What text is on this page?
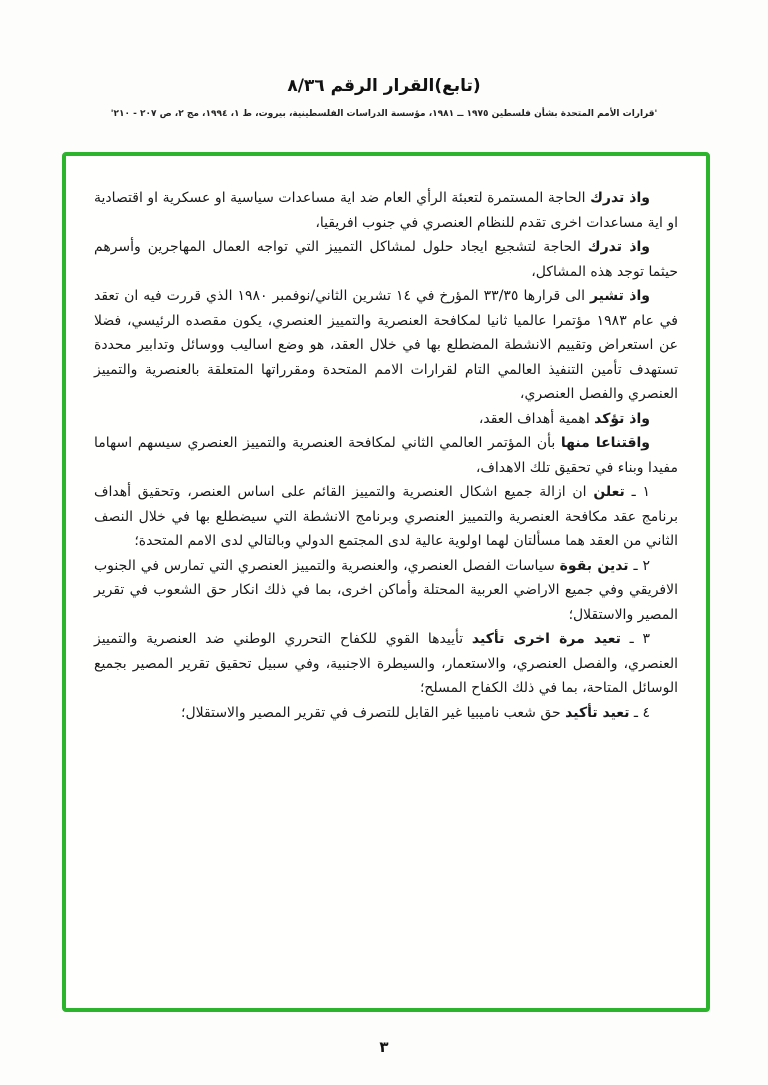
(تابع)القرار الرقم ٨/٣٦
'قرارات الأمم المتحدة بشأن فلسطين ١٩٧٥ ــ ١٩٨١، مؤسسة الدراسات الفلسطينية، بيروت، ط ١، ١٩٩٤، مج ٢، ص ٢٠٧ - ٢١٠'

واذ تدرك الحاجة المستمرة لتعبئة الرأي العام ضد اية مساعدات سياسية او عسكرية او اقتصادية او اية مساعدات اخرى تقدم للنظام العنصري في جنوب افريقيا،

واذ تدرك الحاجة لتشجيع ايجاد حلول لمشاكل التمييز التي تواجه العمال المهاجرين وأسرهم حيثما توجد هذه المشاكل،

واذ تشير الى قرارها ٣٣/٣٥ المؤرخ في ١٤ تشرين الثاني/نوفمبر ١٩٨٠ الذي قررت فيه ان تعقد في عام ١٩٨٣ مؤتمرا عالميا ثانيا لمكافحة العنصرية والتمييز العنصري، يكون مقصده الرئيسي، فضلا عن استعراض وتقييم الانشطة المضطلع بها في خلال العقد، هو وضع اساليب ووسائل وتدابير محددة تستهدف تأمين التنفيذ العالمي التام لقرارات الامم المتحدة ومقرراتها المتعلقة بالعنصرية والتمييز العنصري والفصل العنصري،

واذ تؤكد اهمية أهداف العقد،

واقتناعا منها بأن المؤتمر العالمي الثاني لمكافحة العنصرية والتمييز العنصري سيسهم اسهاما مفيدا وبناء في تحقيق تلك الاهداف،

١ ـ تعلن ان ازالة جميع اشكال العنصرية والتمييز القائم على اساس العنصر، وتحقيق أهداف برنامج عقد مكافحة العنصرية والتمييز العنصري وبرنامج الانشطة التي سيضطلع بها في خلال النصف الثاني من العقد هما مسألتان لهما اولوية عالية لدى المجتمع الدولي وبالتالي لدى الامم المتحدة؛

٢ ـ تدين بقوة سياسات الفصل العنصري، والعنصرية والتمييز العنصري التي تمارس في الجنوب الافريقي وفي جميع الاراضي العربية المحتلة وأماكن اخرى، بما في ذلك انكار حق الشعوب في تقرير المصير والاستقلال؛

٣ ـ تعيد مرة اخرى تأكيد تأييدها القوي للكفاح التحرري الوطني ضد العنصرية والتمييز العنصري، والفصل العنصري، والاستعمار، والسيطرة الاجنبية، وفي سبيل تحقيق تقرير المصير بجميع الوسائل المتاحة، بما في ذلك الكفاح المسلح؛

٤ ـ تعيد تأكيد حق شعب ناميبيا غير القابل للتصرف في تقرير المصير والاستقلال؛

٣
